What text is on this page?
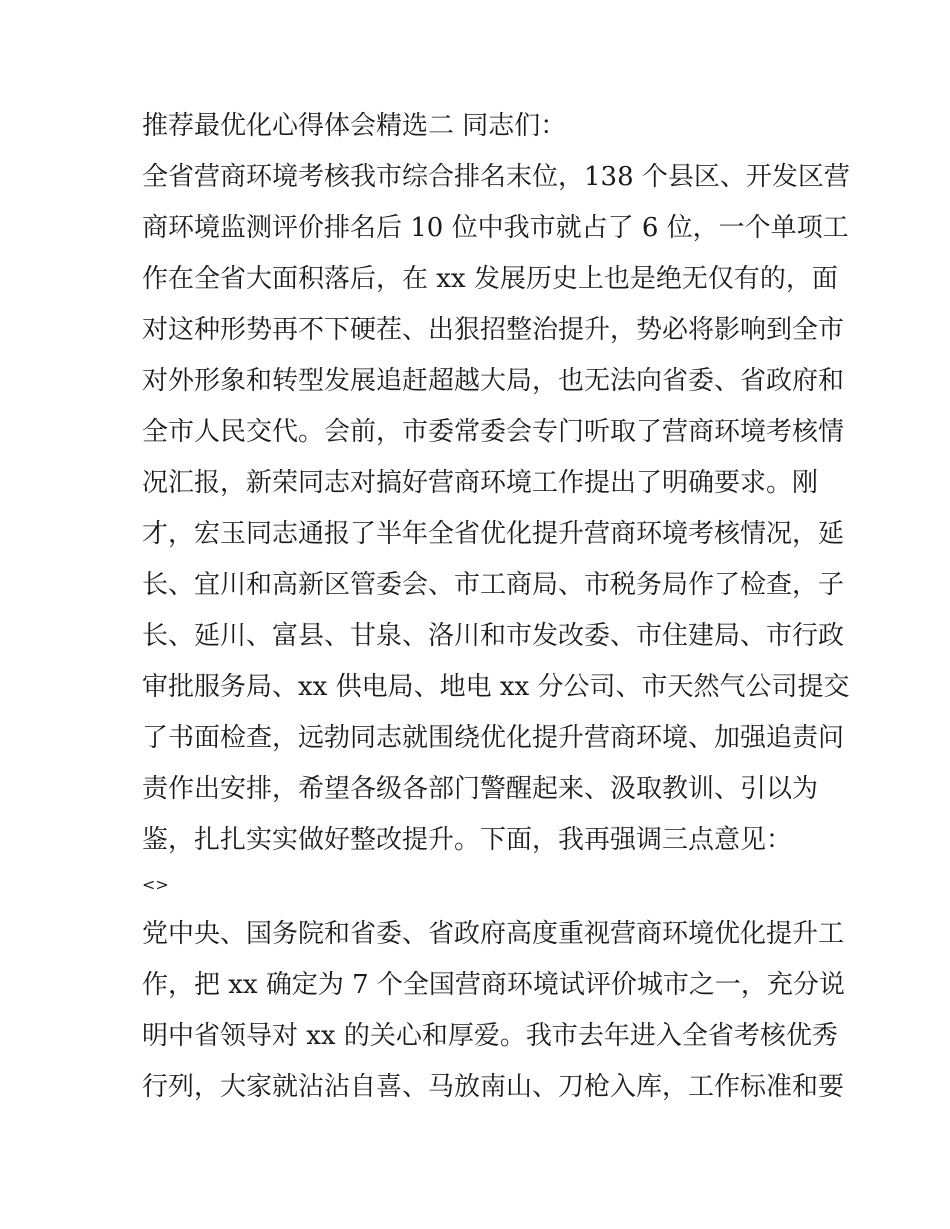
推荐最优化心得体会精选二 同志们：
全省营商环境考核我市综合排名末位，138 个县区、开发区营
商环境监测评价排名后 10 位中我市就占了 6 位，一个单项工
作在全省大面积落后，在 xx 发展历史上也是绝无仅有的，面
对这种形势再不下硬茬、出狠招整治提升，势必将影响到全市
对外形象和转型发展追赶超越大局，也无法向省委、省政府和
全市人民交代。会前，市委常委会专门听取了营商环境考核情
况汇报，新荣同志对搞好营商环境工作提出了明确要求。刚
才，宏玉同志通报了半年全省优化提升营商环境考核情况，延
长、宜川和高新区管委会、市工商局、市税务局作了检查，子
长、延川、富县、甘泉、洛川和市发改委、市住建局、市行政
审批服务局、xx 供电局、地电 xx 分公司、市天然气公司提交
了书面检查，远勃同志就围绕优化提升营商环境、加强追责问
责作出安排，希望各级各部门警醒起来、汲取教训、引以为
鉴，扎扎实实做好整改提升。下面，我再强调三点意见：
<>
党中央、国务院和省委、省政府高度重视营商环境优化提升工
作，把 xx 确定为 7 个全国营商环境试评价城市之一，充分说
明中省领导对 xx 的关心和厚爱。我市去年进入全省考核优秀
行列，大家就沾沾自喜、马放南山、刀枪入库，工作标准和要
